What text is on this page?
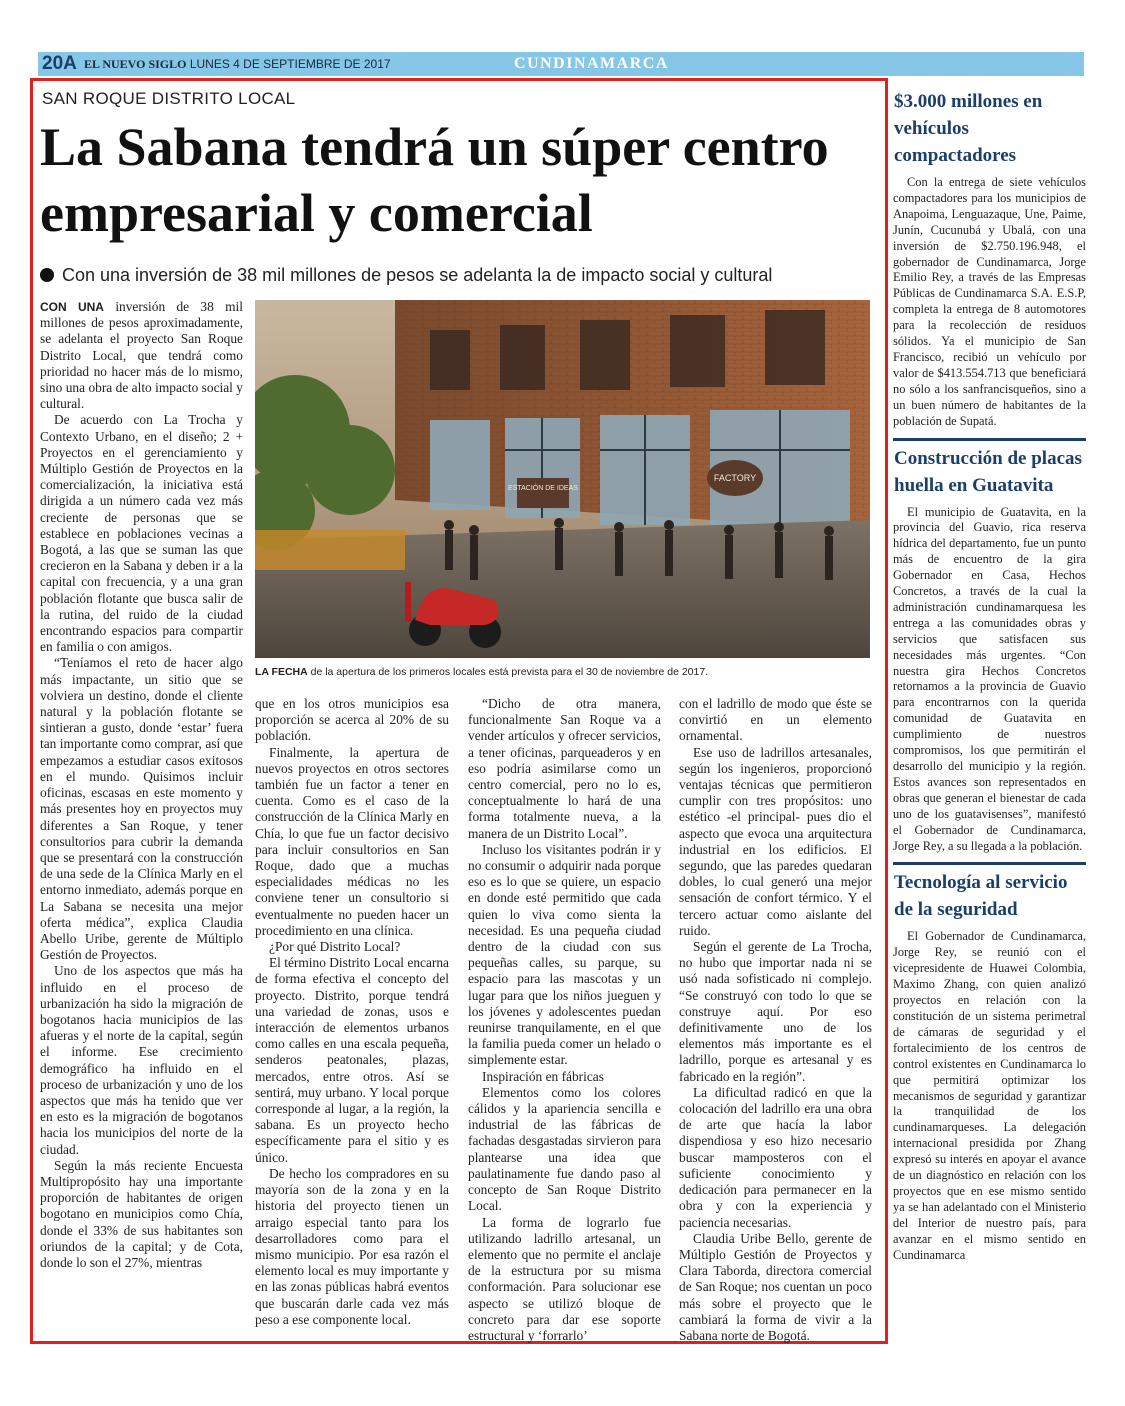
20A EL NUEVO SIGLO LUNES 4 DE SEPTIEMBRE DE 2017	CUNDINAMARCA
SAN ROQUE DISTRITO LOCAL
La Sabana tendrá un súper centro empresarial y comercial
Con una inversión de 38 mil millones de pesos se adelanta la de impacto social y cultural

CON UNA inversión de 38 mil millones de pesos aproximadamente, se adelanta el proyecto San Roque Distrito Local, que tendrá como prioridad no hacer más de lo mismo, sino una obra de alto impacto social y cultural.

De acuerdo con La Trocha y Contexto Urbano, en el diseño; 2 + Proyectos en el gerenciamiento y Múltiplo Gestión de Proyectos en la comercialización, la iniciativa está dirigida a un número cada vez más creciente de personas que se establece en poblaciones vecinas a Bogotá, a las que se suman las que crecieron en la Sabana y deben ir a la capital con frecuencia, y a una gran población flotante que busca salir de la rutina, del ruido de la ciudad encontrando espacios para compartir en familia o con amigos.

“Teníamos el reto de hacer algo más impactante, un sitio que se volviera un destino, donde el cliente natural y la población flotante se sintieran a gusto, donde ‘estar’ fuera tan importante como comprar, así que empezamos a estudiar casos exitosos en el mundo. Quisimos incluir oficinas, escasas en este momento y más presentes hoy en proyectos muy diferentes a San Roque, y tener consultorios para cubrir la demanda que se presentará con la construcción de una sede de la Clínica Marly en el entorno inmediato, además porque en La Sabana se necesita una mejor oferta médica”, explica Claudia Abello Uribe, gerente de Múltiplo Gestión de Proyectos.

Uno de los aspectos que más ha influido en el proceso de urbanización ha sido la migración de bogotanos hacia municipios de las afueras y el norte de la capital, según el informe. Ese crecimiento demográfico ha influido en el proceso de urbanización y uno de los aspectos que más ha tenido que ver en esto es la migración de bogotanos hacia los municipios del norte de la ciudad.

Según la más reciente Encuesta Multipropósito hay una importante proporción de habitantes de origen bogotano en municipios como Chía, donde el 33% de sus habitantes son oriundos de la capital; y de Cota, donde lo son el 27%, mientras

ESTACIÓN DE IDEAS
FACTORY
LA FECHA de la apertura de los primeros locales está prevista para el 30 de noviembre de 2017.

que en los otros municipios esa proporción se acerca al 20% de su población.

Finalmente, la apertura de nuevos proyectos en otros sectores también fue un factor a tener en cuenta. Como es el caso de la construcción de la Clínica Marly en Chía, lo que fue un factor decisivo para incluir consultorios en San Roque, dado que a muchas especialidades médicas no les conviene tener un consultorio si eventualmente no pueden hacer un procedimiento en una clínica.

¿Por qué Distrito Local?

El término Distrito Local encarna de forma efectiva el concepto del proyecto. Distrito, porque tendrá una variedad de zonas, usos e interacción de elementos urbanos como calles en una escala pequeña, senderos peatonales, plazas, mercados, entre otros. Así se sentirá, muy urbano. Y local porque corresponde al lugar, a la región, la sabana. Es un proyecto hecho específicamente para el sitio y es único.

De hecho los compradores en su mayoría son de la zona y en la historia del proyecto tienen un arraigo especial tanto para los desarrolladores como para el mismo municipio. Por esa razón el elemento local es muy importante y en las zonas públicas habrá eventos que buscarán darle cada vez más peso a ese componente local.

“Dicho de otra manera, funcionalmente San Roque va a vender artículos y ofrecer servicios, a tener oficinas, parqueaderos y en eso podría asimilarse como un centro comercial, pero no lo es, conceptualmente lo hará de una forma totalmente nueva, a la manera de un Distrito Local”.

Incluso los visitantes podrán ir y no consumir o adquirir nada porque eso es lo que se quiere, un espacio en donde esté permitido que cada quien lo viva como sienta la necesidad. Es una pequeña ciudad dentro de la ciudad con sus pequeñas calles, su parque, su espacio para las mascotas y un lugar para que los niños jueguen y los jóvenes y adolescentes puedan reunirse tranquilamente, en el que la familia pueda comer un helado o simplemente estar.

Inspiración en fábricas

Elementos como los colores cálidos y la apariencia sencilla e industrial de las fábricas de fachadas desgastadas sirvieron para plantearse una idea que paulatinamente fue dando paso al concepto de San Roque Distrito Local.

La forma de lograrlo fue utilizando ladrillo artesanal, un elemento que no permite el anclaje de la estructura por su misma conformación. Para solucionar ese aspecto se utilizó bloque de concreto para dar ese soporte estructural y ‘forrarlo’

con el ladrillo de modo que éste se convirtió en un elemento ornamental.

Ese uso de ladrillos artesanales, según los ingenieros, proporcionó ventajas técnicas que permitieron cumplir con tres propósitos: uno estético -el principal- pues dio el aspecto que evoca una arquitectura industrial en los edificios. El segundo, que las paredes quedaran dobles, lo cual generó una mejor sensación de confort térmico. Y el tercero actuar como aislante del ruido.

Según el gerente de La Trocha, no hubo que importar nada ni se usó nada sofisticado ni complejo. “Se construyó con todo lo que se construye aquí. Por eso definitivamente uno de los elementos más importante es el ladrillo, porque es artesanal y es fabricado en la región”.

La dificultad radicó en que la colocación del ladrillo era una obra de arte que hacía la labor dispendiosa y eso hizo necesario buscar mamposteros con el suficiente conocimiento y dedicación para permanecer en la obra y con la experiencia y paciencia necesarias.

Claudia Uribe Bello, gerente de Múltiplo Gestión de Proyectos y Clara Taborda, directora comercial de San Roque; nos cuentan un poco más sobre el proyecto que le cambiará la forma de vivir a la Sabana norte de Bogotá.

$3.000 millones en vehículos compactadores

Con la entrega de siete vehículos compactadores para los municipios de Anapoima, Lenguazaque, Une, Paime, Junín, Cucunubá y Ubalá, con una inversión de $2.750.196.948, el gobernador de Cundinamarca, Jorge Emilio Rey, a través de las Empresas Públicas de Cundinamarca S.A. E.S.P, completa la entrega de 8 automotores para la recolección de residuos sólidos. Ya el municipio de San Francisco, recibió un vehículo por valor de $413.554.713 que beneficiará no sólo a los sanfrancisqueños, sino a un buen número de habitantes de la población de Supatá.

Construcción de placas huella en Guatavita

El municipio de Guatavita, en la provincia del Guavio, rica reserva hídrica del departamento, fue un punto más de encuentro de la gira Gobernador en Casa, Hechos Concretos, a través de la cual la administración cundinamarquesa les entrega a las comunidades obras y servicios que satisfacen sus necesidades más urgentes. “Con nuestra gira Hechos Concretos retornamos a la provincia de Guavio para encontrarnos con la querida comunidad de Guatavita en cumplimiento de nuestros compromisos, los que permitirán el desarrollo del municipio y la región. Estos avances son representados en obras que generan el bienestar de cada uno de los guatavisenses”, manifestó el Gobernador de Cundinamarca, Jorge Rey, a su llegada a la población.

Tecnología al servicio de la seguridad

El Gobernador de Cundinamarca, Jorge Rey, se reunió con el vicepresidente de Huawei Colombia, Maximo Zhang, con quien analizó proyectos en relación con la constitución de un sistema perimetral de cámaras de seguridad y el fortalecimiento de los centros de control existentes en Cundinamarca lo que permitirá optimizar los mecanismos de seguridad y garantizar la tranquilidad de los cundinamarqueses. La delegación internacional presidida por Zhang expresó su interés en apoyar el avance de un diagnóstico en relación con los proyectos que en ese mismo sentido ya se han adelantado con el Ministerio del Interior de nuestro país, para avanzar en el mismo sentido en Cundinamarca
